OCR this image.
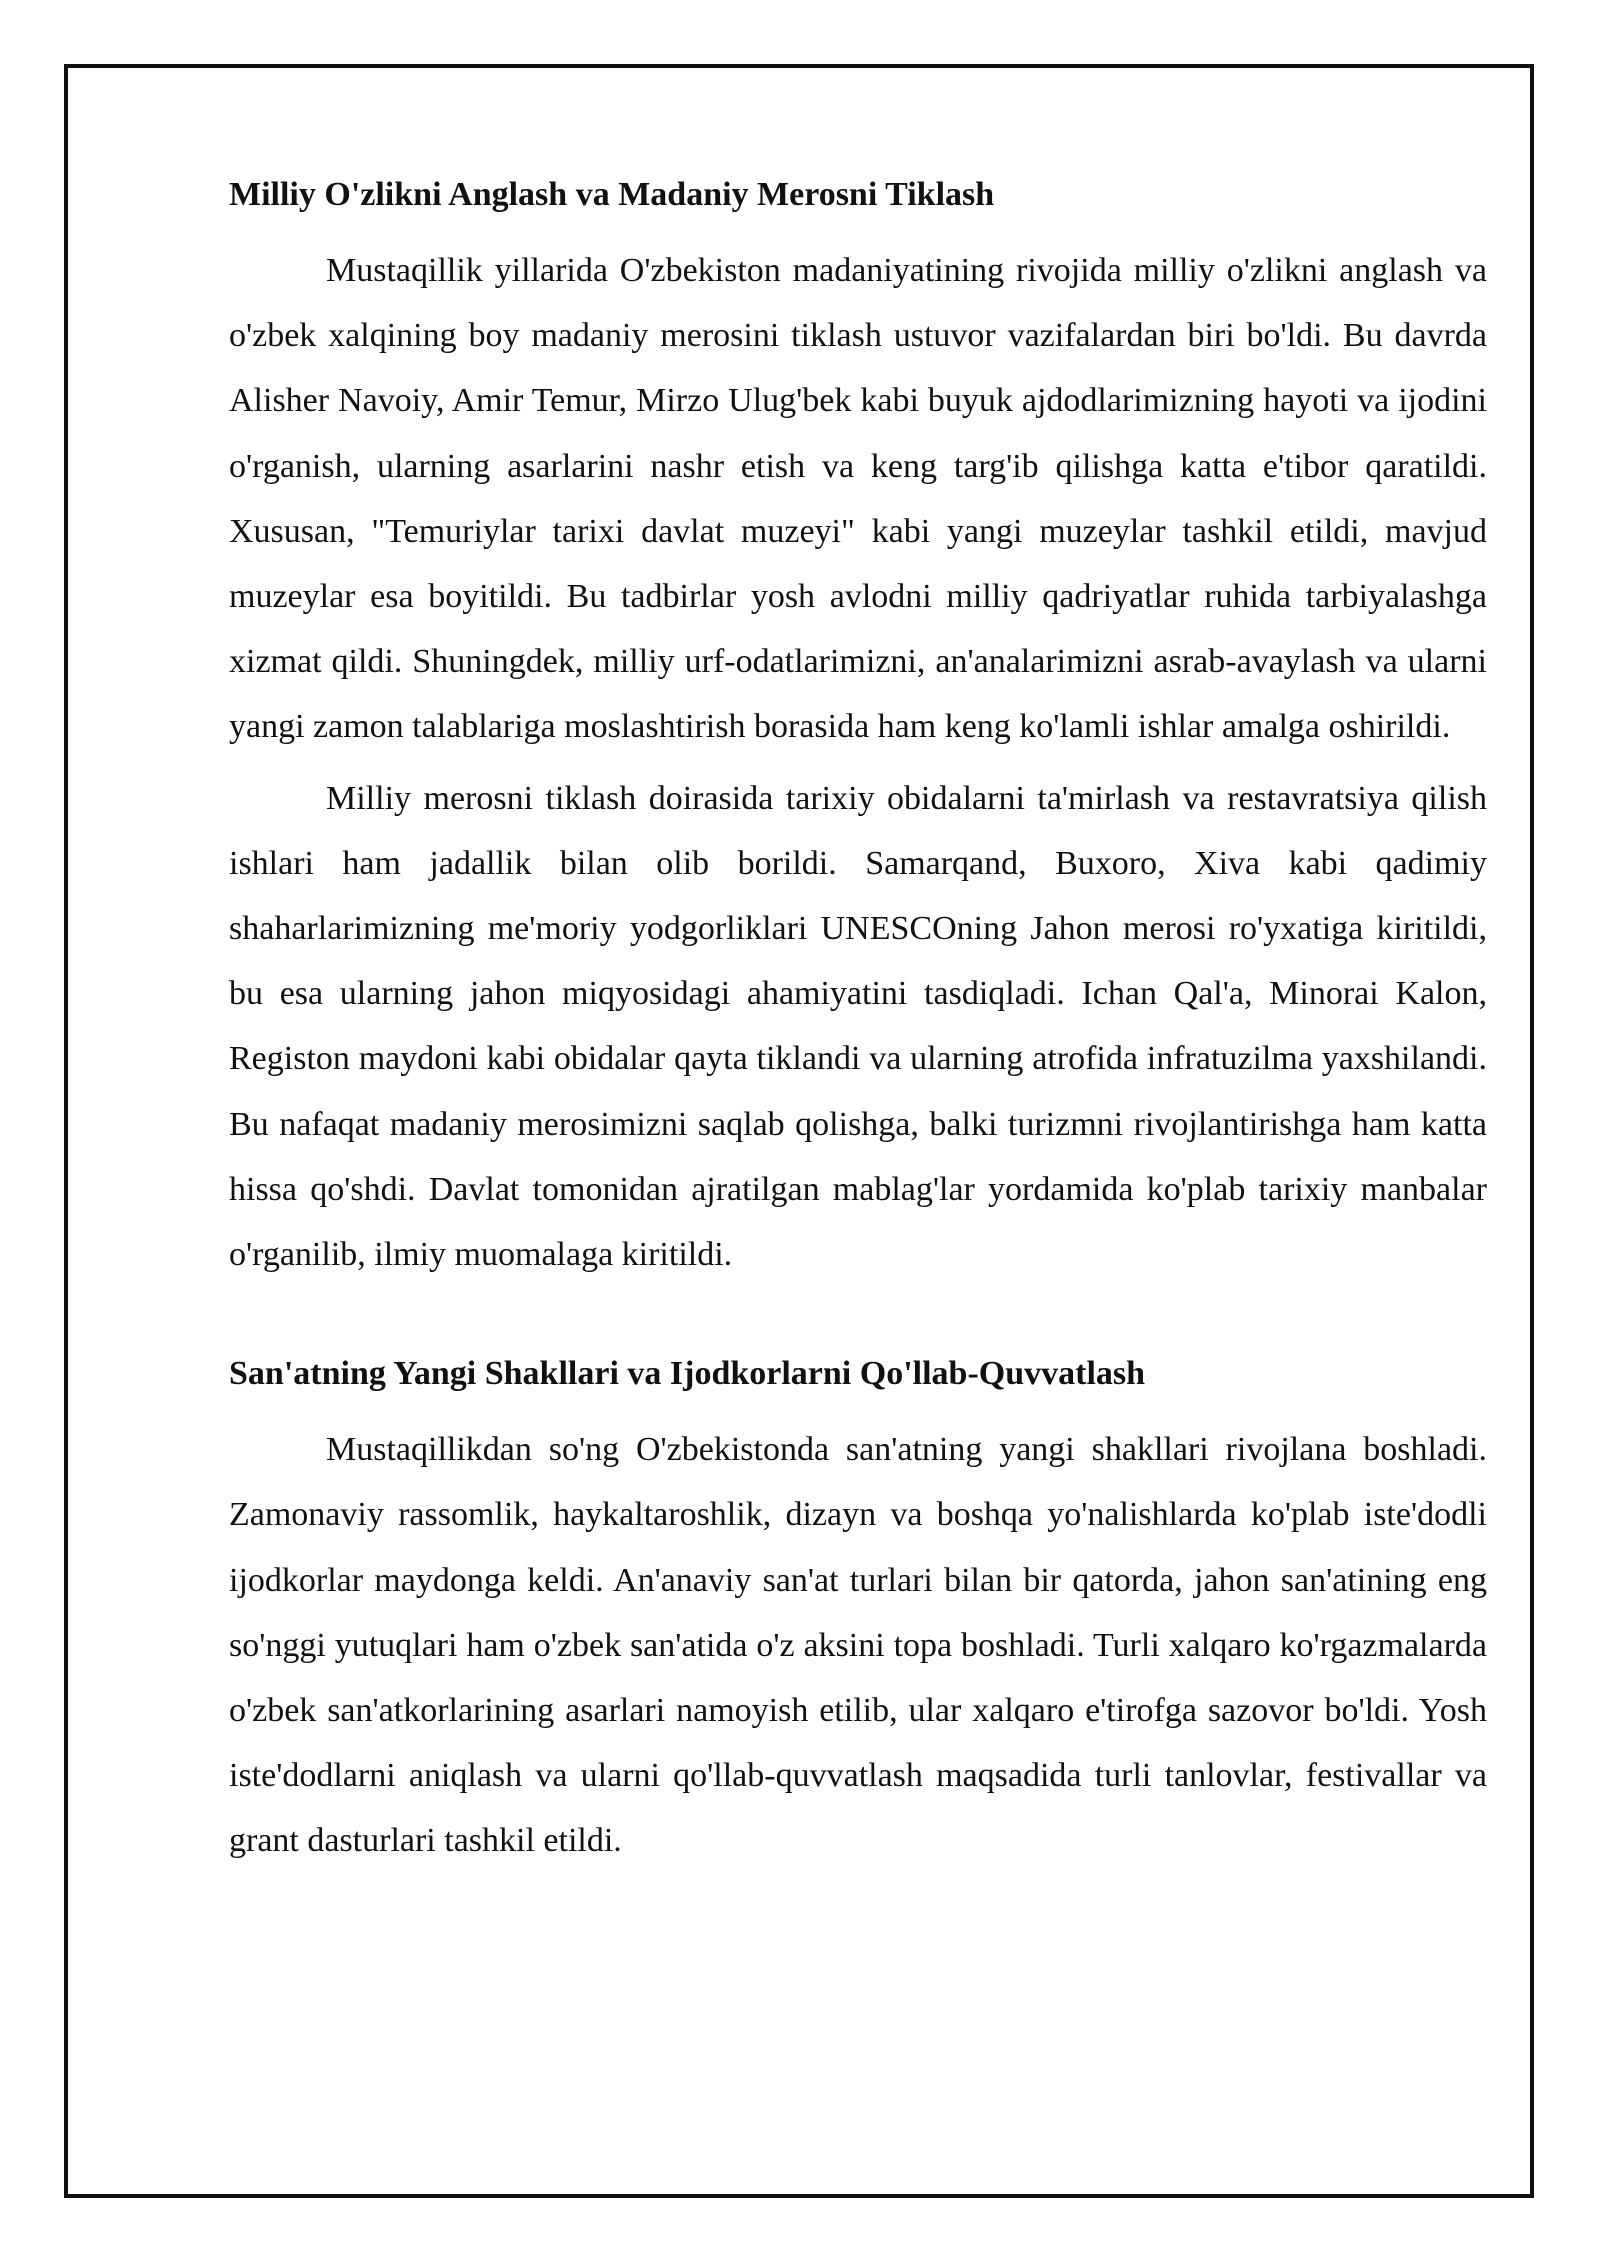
Milliy O'zlikni Anglash va Madaniy Merosni Tiklash

Mustaqillik yillarida O'zbekiston madaniyatining rivojida milliy o'zlikni anglash va o'zbek xalqining boy madaniy merosini tiklash ustuvor vazifalardan biri bo'ldi. Bu davrda Alisher Navoiy, Amir Temur, Mirzo Ulug'bek kabi buyuk ajdodlarimizning hayoti va ijodini o'rganish, ularning asarlarini nashr etish va keng targ'ib qilishga katta e'tibor qaratildi. Xususan, "Temuriylar tarixi davlat muzeyi" kabi yangi muzeylar tashkil etildi, mavjud muzeylar esa boyitildi. Bu tadbirlar yosh avlodni milliy qadriyatlar ruhida tarbiyalashga xizmat qildi. Shuningdek, milliy urf-odatlarimizni, an'analarimizni asrab-avaylash va ularni yangi zamon talablariga moslashtirish borasida ham keng ko'lamli ishlar amalga oshirildi.

Milliy merosni tiklash doirasida tarixiy obidalarni ta'mirlash va restavratsiya qilish ishlari ham jadallik bilan olib borildi. Samarqand, Buxoro, Xiva kabi qadimiy shaharlarimizning me'moriy yodgorliklari UNESCOning Jahon merosi ro'yxatiga kiritildi, bu esa ularning jahon miqyosidagi ahamiyatini tasdiqladi. Ichan Qal'a, Minorai Kalon, Registon maydoni kabi obidalar qayta tiklandi va ularning atrofida infratuzilma yaxshilandi. Bu nafaqat madaniy merosimizni saqlab qolishga, balki turizmni rivojlantirishga ham katta hissa qo'shdi. Davlat tomonidan ajratilgan mablag'lar yordamida ko'plab tarixiy manbalar o'rganilib, ilmiy muomalaga kiritildi.

San'atning Yangi Shakllari va Ijodkorlarni Qo'llab-Quvvatlash

Mustaqillikdan so'ng O'zbekistonda san'atning yangi shakllari rivojlana boshladi. Zamonaviy rassomlik, haykaltaroshlik, dizayn va boshqa yo'nalishlarda ko'plab iste'dodli ijodkorlar maydonga keldi. An'anaviy san'at turlari bilan bir qatorda, jahon san'atining eng so'nggi yutuqlari ham o'zbek san'atida o'z aksini topa boshladi. Turli xalqaro ko'rgazmalarda o'zbek san'atkorlarining asarlari namoyish etilib, ular xalqaro e'tirofga sazovor bo'ldi. Yosh iste'dodlarni aniqlash va ularni qo'llab-quvvatlash maqsadida turli tanlovlar, festivallar va grant dasturlari tashkil etildi.
